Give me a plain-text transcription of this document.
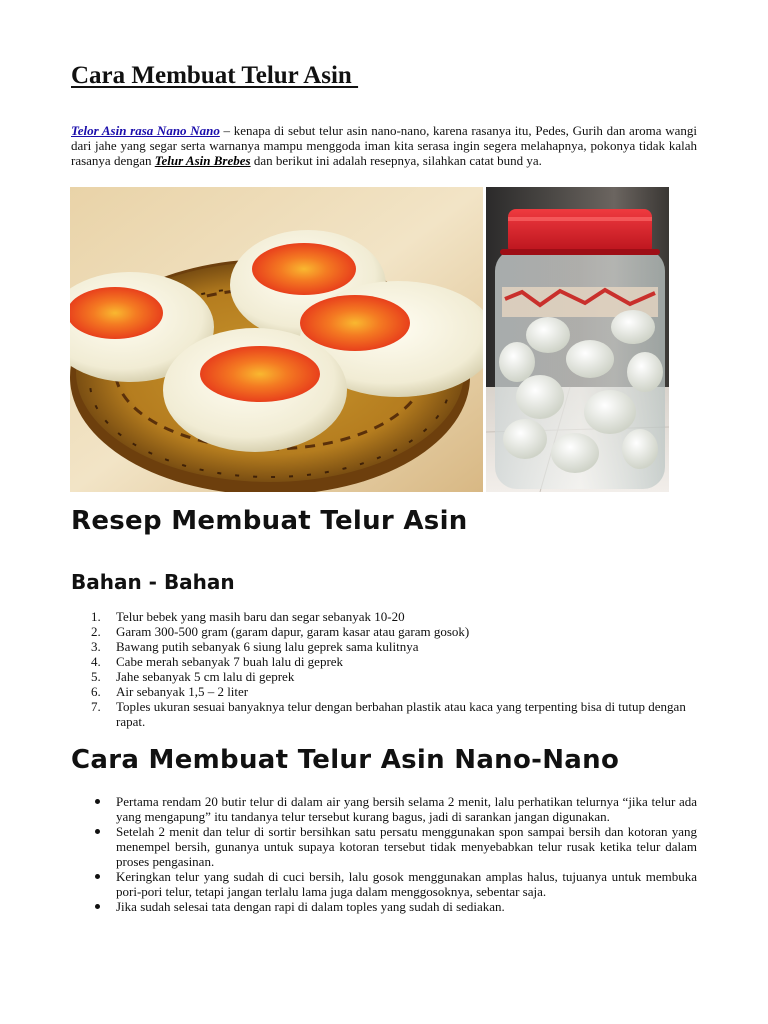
Cara Membuat Telur Asin

Telor Asin rasa Nano Nano – kenapa di sebut telur asin nano-nano, karena rasanya itu, Pedes, Gurih dan aroma wangi dari jahe yang segar serta warnanya mampu menggoda iman kita serasa ingin segera melahapnya, pokonya tidak kalah rasanya dengan Telur Asin Brebes dan berikut ini adalah resepnya, silahkan catat bund ya.

Resep Membuat Telur Asin
Bahan - Bahan
1. Telur bebek yang masih baru dan segar sebanyak 10-20
2. Garam 300-500 gram (garam dapur, garam kasar atau garam gosok)
3. Bawang putih sebanyak 6 siung lalu geprek sama kulitnya
4. Cabe merah sebanyak 7 buah lalu di geprek
5. Jahe sebanyak 5 cm lalu di geprek
6. Air sebanyak 1,5 – 2 liter
7. Toples ukuran sesuai banyaknya telur dengan berbahan plastik atau kaca yang terpenting bisa di tutup dengan rapat.
Cara Membuat Telur Asin Nano-Nano
Pertama rendam 20 butir telur di dalam air yang bersih selama 2 menit, lalu perhatikan telurnya “jika telur ada yang mengapung” itu tandanya telur tersebut kurang bagus, jadi di sarankan jangan digunakan.
Setelah 2 menit dan telur di sortir bersihkan satu persatu menggunakan spon sampai bersih dan kotoran yang menempel bersih, gunanya untuk supaya kotoran tersebut tidak menyebabkan telur rusak ketika telur dalam proses pengasinan.
Keringkan telur yang sudah di cuci bersih, lalu gosok menggunakan amplas halus, tujuanya untuk membuka pori-pori telur, tetapi jangan terlalu lama juga dalam menggosoknya, sebentar saja.
Jika sudah selesai tata dengan rapi di dalam toples yang sudah di sediakan.
